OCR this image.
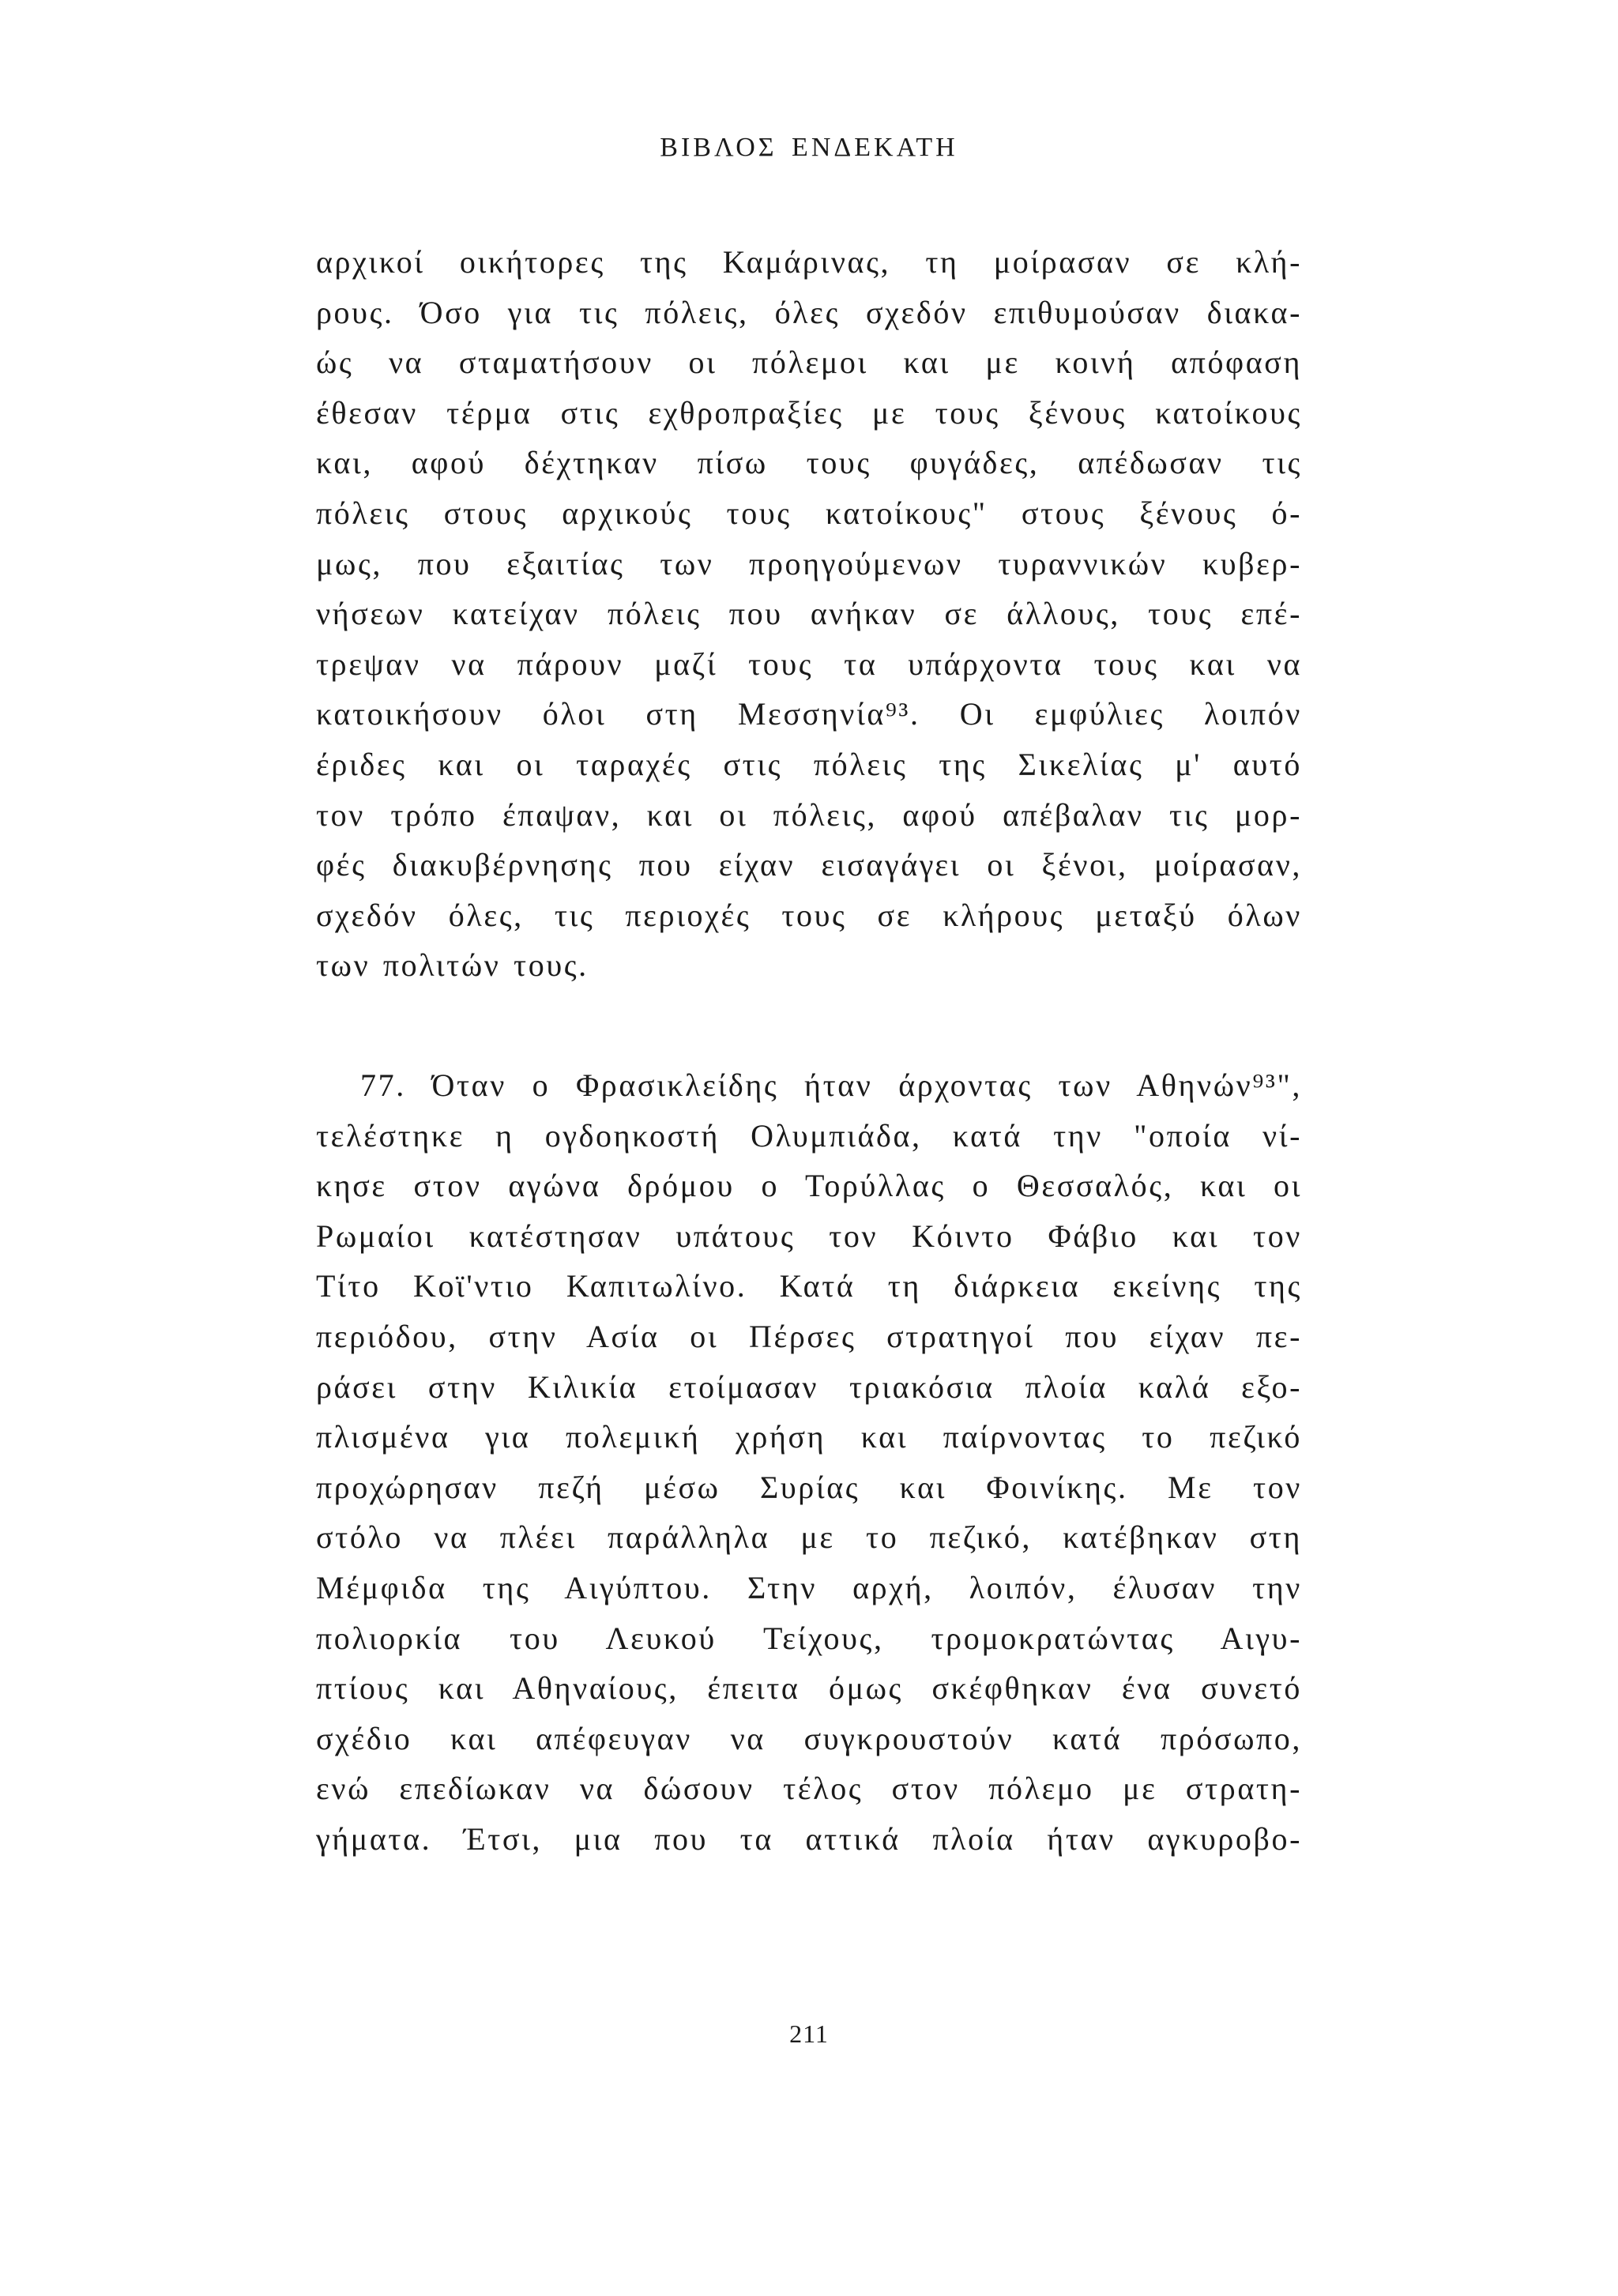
ΒΙΒΛΟΣ ΕΝΔΕΚΑΤΗ
αρχικοί οικήτορες της Καμάρινας, τη μοίρασαν σε κλή-
ρους. Όσο για τις πόλεις, όλες σχεδόν επιθυμούσαν διακα-
ώς να σταματήσουν οι πόλεμοι και με κοινή απόφαση
έθεσαν τέρμα στις εχθροπραξίες με τους ξένους κατοίκους
και, αφού δέχτηκαν πίσω τους φυγάδες, απέδωσαν τις
πόλεις στους αρχικούς τους κατοίκους" στους ξένους ό-
μως, που εξαιτίας των προηγούμενων τυραννικών κυβερ-
νήσεων κατείχαν πόλεις που ανήκαν σε άλλους, τους επέ-
τρεψαν να πάρουν μαζί τους τα υπάρχοντα τους και να
κατοικήσουν όλοι στη Μεσσηνία⁹³. Οι εμφύλιες λοιπόν
έριδες και οι ταραχές στις πόλεις της Σικελίας μ' αυτό
τον τρόπο έπαψαν, και οι πόλεις, αφού απέβαλαν τις μορ-
φές διακυβέρνησης που είχαν εισαγάγει οι ξένοι, μοίρασαν,
σχεδόν όλες, τις περιοχές τους σε κλήρους μεταξύ όλων
των πολιτών τους.
77. Όταν ο Φρασικλείδης ήταν άρχοντας των Αθηνών⁹³",
τελέστηκε η ογδοηκοστή Ολυμπιάδα, κατά την "οποία νί-
κησε στον αγώνα δρόμου ο Τορύλλας ο Θεσσαλός, και οι
Ρωμαίοι κατέστησαν υπάτους τον Κόιντο Φάβιο και τον
Τίτο Κοϊ'ντιο Καπιτωλίνο. Κατά τη διάρκεια εκείνης της
περιόδου, στην Ασία οι Πέρσες στρατηγοί που είχαν πε-
ράσει στην Κιλικία ετοίμασαν τριακόσια πλοία καλά εξο-
πλισμένα για πολεμική χρήση και παίρνοντας το πεζικό
προχώρησαν πεζή μέσω Συρίας και Φοινίκης. Με τον
στόλο να πλέει παράλληλα με το πεζικό, κατέβηκαν στη
Μέμφιδα της Αιγύπτου. Στην αρχή, λοιπόν, έλυσαν την
πολιορκία του Λευκού Τείχους, τρομοκρατώντας Αιγυ-
πτίους και Αθηναίους, έπειτα όμως σκέφθηκαν ένα συνετό
σχέδιο και απέφευγαν να συγκρουστούν κατά πρόσωπο,
ενώ επεδίωκαν να δώσουν τέλος στον πόλεμο με στρατη-
γήματα. Έτσι, μια που τα αττικά πλοία ήταν αγκυροβο-
211
